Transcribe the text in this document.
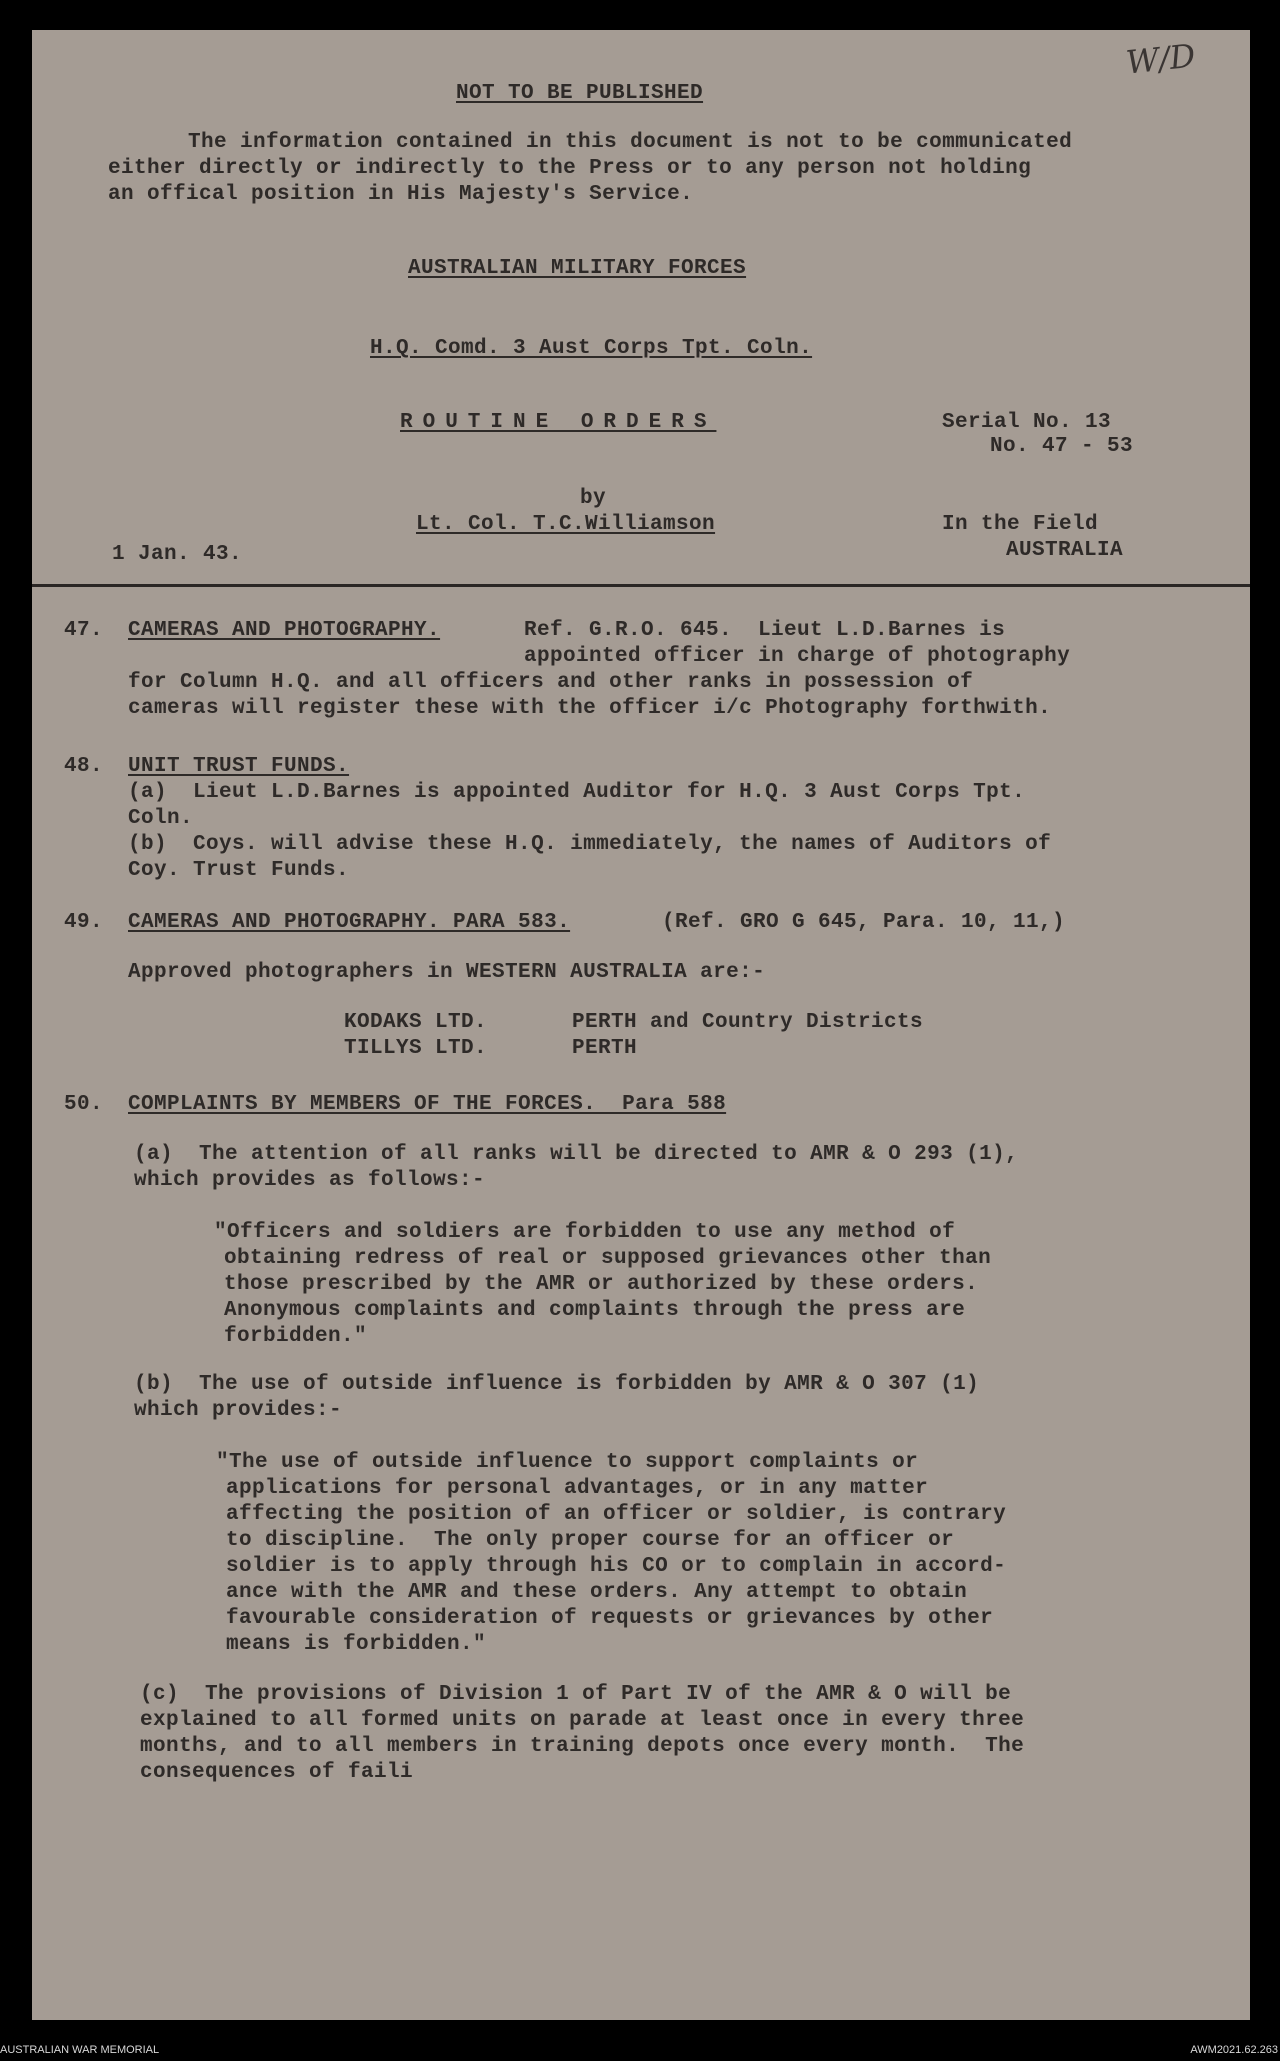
W/D

NOT TO BE PUBLISHED

The information contained in this document is not to be communicated

either directly or indirectly to the Press or to any person not holding

an offical position in His Majesty's Service.

AUSTRALIAN MILITARY FORCES

H.Q. Comd. 3 Aust Corps Tpt. Coln.

ROUTINE ORDERS	Serial No. 13

No. 47 - 53

by

Lt. Col. T.C.Williamson	In the Field

AUSTRALIA

1 Jan. 43.

47. CAMERAS AND PHOTOGRAPHY.	Ref. G.R.O. 645.  Lieut L.D.Barnes is

appointed officer in charge of photography

for Column H.Q. and all officers and other ranks in possession of

cameras will register these with the officer i/c Photography forthwith.

48. UNIT TRUST FUNDS.

(a)  Lieut L.D.Barnes is appointed Auditor for H.Q. 3 Aust Corps Tpt.

Coln.

(b)  Coys. will advise these H.Q. immediately, the names of Auditors of

Coy. Trust Funds.

49. CAMERAS AND PHOTOGRAPHY. PARA 583.	(Ref. GRO G 645, Para. 10, 11,)

Approved photographers in WESTERN AUSTRALIA are:-

KODAKS LTD.	PERTH and Country Districts

TILLYS LTD.	PERTH

50. COMPLAINTS BY MEMBERS OF THE FORCES.  Para 588

(a)  The attention of all ranks will be directed to AMR & O 293 (1),

which provides as follows:-

"Officers and soldiers are forbidden to use any method of

obtaining redress of real or supposed grievances other than

those prescribed by the AMR or authorized by these orders.

Anonymous complaints and complaints through the press are

forbidden."

(b)  The use of outside influence is forbidden by AMR & O 307 (1)

which provides:-

"The use of outside influence to support complaints or

applications for personal advantages, or in any matter

affecting the position of an officer or soldier, is contrary

to discipline.  The only proper course for an officer or

soldier is to apply through his CO or to complain in accord-

ance with the AMR and these orders. Any attempt to obtain

favourable consideration of requests or grievances by other

means is forbidden."

(c)  The provisions of Division 1 of Part IV of the AMR & O will be

explained to all formed units on parade at least once in every three

months, and to all members in training depots once every month.  The

consequences of faili

AUSTRALIAN WAR MEMORIAL	AWM2021.62.263
